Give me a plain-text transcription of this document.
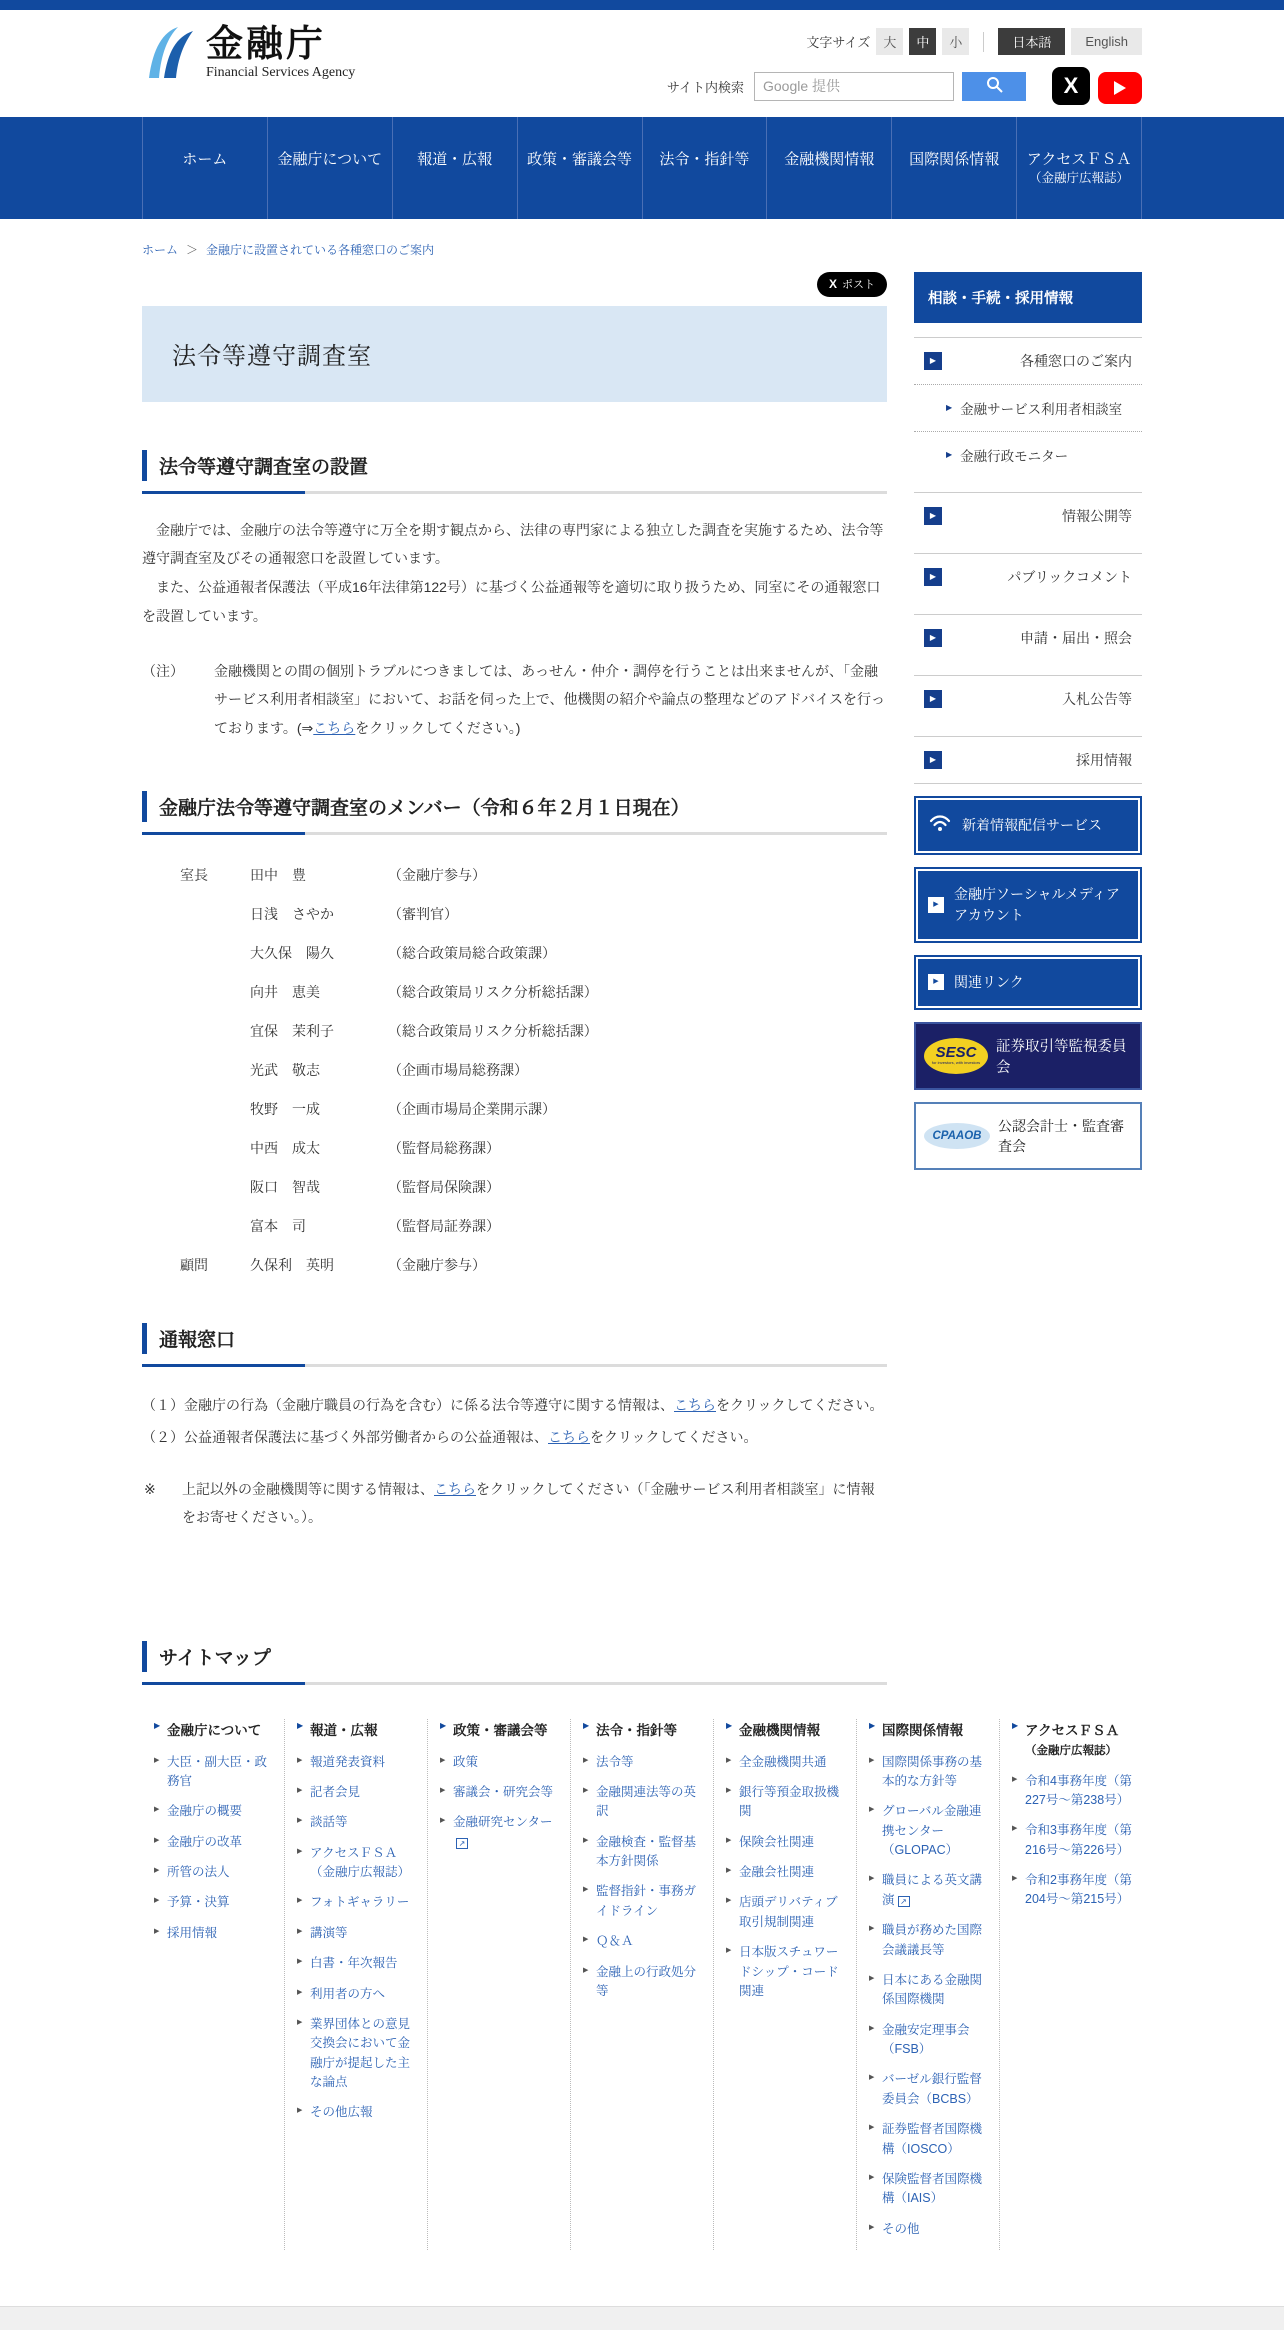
金融庁
Financial Services Agency
文字サイズ 大	中	小	日本語	English
サイト内検索
Google 提供
X
ホーム	金融庁について	報道・広報	政策・審議会等	法令・指針等	金融機関情報	国際関係情報	アクセスＦＳＡ
（金融庁広報誌）
ホーム ＞ 金融庁に設置されている各種窓口のご案内
X
ポスト
法令等遵守調査室
法令等遵守調査室の設置

金融庁では、金融庁の法令等遵守に万全を期す観点から、法律の専門家による独立した調査を実施するため、法令等遵守調査室及びその通報窓口を設置しています。

また、公益通報者保護法（平成16年法律第122号）に基づく公益通報等を適切に取り扱うため、同室にその通報窓口を設置しています。

（注）	金融機関との間の個別トラブルにつきましては、あっせん・仲介・調停を行うことは出来ませんが、「金融サービス利用者相談室」において、お話を伺った上で、他機関の紹介や論点の整理などのアドバイスを行っております。(⇒こちらをクリックしてください。)
金融庁法令等遵守調査室のメンバー（令和６年２月１日現在）
室長	田中　豊	（金融庁参与）
日浅　さやか	（審判官）
大久保　陽久	（総合政策局総合政策課）
向井　恵美	（総合政策局リスク分析総括課）
宜保　茉利子	（総合政策局リスク分析総括課）
光武　敬志	（企画市場局総務課）
牧野　一成	（企画市場局企業開示課）
中西　成太	（監督局総務課）
阪口　智哉	（監督局保険課）
富本　司	（監督局証券課）
顧問	久保利　英明	（金融庁参与）
通報窓口

（１）金融庁の行為（金融庁職員の行為を含む）に係る法令等遵守に関する情報は、こちらをクリックしてください。

（２）公益通報者保護法に基づく外部労働者からの公益通報は、こちらをクリックしてください。

※	上記以外の金融機関等に関する情報は、こちらをクリックしてください（「金融サービス利用者相談室」に情報をお寄せください。）。
サイトマップ
相談・手続・採用情報
▶
各種窓口のご案内
▶
金融サービス利用者相談室
▶
金融行政モニター
▶
情報公開等
▶
パブリックコメント
▶
申請・届出・照会
▶
入札公告等
▶
採用情報
新着情報配信サービス
▶
金融庁ソーシャルメディアアカウント
▶
関連リンク
SESC
for investors, with investors
証券取引等監視委員会
CPAAOB
公認会計士・監査審査会
▶ 金融庁について
▶ 大臣・副大臣・政務官
▶ 金融庁の概要
▶ 金融庁の改革
▶ 所管の法人
▶ 予算・決算
▶ 採用情報
▶ 報道・広報
▶ 報道発表資料
▶ 記者会見
▶ 談話等
▶ アクセスＦＳＡ（金融庁広報誌）
▶ フォトギャラリー
▶ 講演等
▶ 白書・年次報告
▶ 利用者の方へ
▶ 業界団体との意見交換会において金融庁が提起した主な論点
▶ その他広報
▶ 政策・審議会等
▶ 政策
▶ 審議会・研究会等
▶ 金融研究センター↗
▶ 法令・指針等
▶ 法令等
▶ 金融関連法等の英訳
▶ 金融検査・監督基本方針関係
▶ 監督指針・事務ガイドライン
▶ Ｑ＆Ａ
▶ 金融上の行政処分等
▶ 金融機関情報
▶ 全金融機関共通
▶ 銀行等預金取扱機関
▶ 保険会社関連
▶ 金融会社関連
▶ 店頭デリバティブ取引規制関連
▶ 日本版スチュワードシップ・コード関連
▶ 国際関係情報
▶ 国際関係事務の基本的な方針等
▶ グローバル金融連携センター（GLOPAC）
▶ 職員による英文講演↗
▶ 職員が務めた国際会議議長等
▶ 日本にある金融関係国際機関
▶ 金融安定理事会（FSB）
▶ バーゼル銀行監督委員会（BCBS）
▶ 証券監督者国際機構（IOSCO）
▶ 保険監督者国際機構（IAIS）
▶ その他
▶ アクセスＦＳＡ
（金融庁広報誌）
▶ 令和4事務年度（第227号～第238号）
▶ 令和3事務年度（第216号～第226号）
▶ 令和2事務年度（第204号～第215号）
